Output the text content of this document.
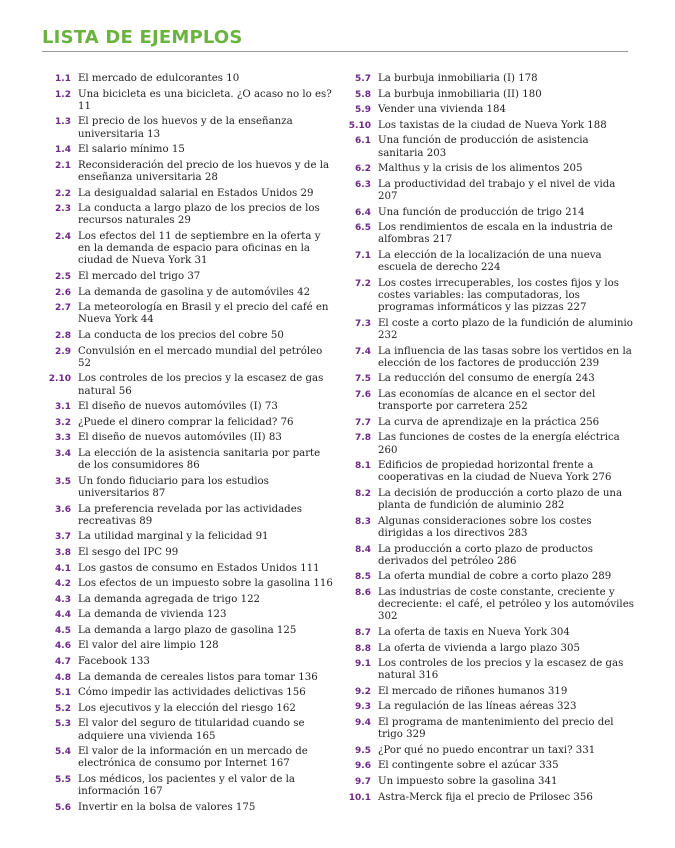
LISTA DE EJEMPLOS
1.1 El mercado de edulcorantes 10
1.2 Una bicicleta es una bicicleta. ¿O acaso no lo es? 11
1.3 El precio de los huevos y de la enseñanza universitaria 13
1.4 El salario mínimo 15
2.1 Reconsideración del precio de los huevos y de la enseñanza universitaria 28
2.2 La desigualdad salarial en Estados Unidos 29
2.3 La conducta a largo plazo de los precios de los recursos naturales 29
2.4 Los efectos del 11 de septiembre en la oferta y en la demanda de espacio para oficinas en la ciudad de Nueva York 31
2.5 El mercado del trigo 37
2.6 La demanda de gasolina y de automóviles 42
2.7 La meteorología en Brasil y el precio del café en Nueva York 44
2.8 La conducta de los precios del cobre 50
2.9 Convulsión en el mercado mundial del petróleo 52
2.10 Los controles de los precios y la escasez de gas natural 56
3.1 El diseño de nuevos automóviles (I) 73
3.2 ¿Puede el dinero comprar la felicidad? 76
3.3 El diseño de nuevos automóviles (II) 83
3.4 La elección de la asistencia sanitaria por parte de los consumidores 86
3.5 Un fondo fiduciario para los estudios universitarios 87
3.6 La preferencia revelada por las actividades recreativas 89
3.7 La utilidad marginal y la felicidad 91
3.8 El sesgo del IPC 99
4.1 Los gastos de consumo en Estados Unidos 111
4.2 Los efectos de un impuesto sobre la gasolina 116
4.3 La demanda agregada de trigo 122
4.4 La demanda de vivienda 123
4.5 La demanda a largo plazo de gasolina 125
4.6 El valor del aire limpio 128
4.7 Facebook 133
4.8 La demanda de cereales listos para tomar 136
5.1 Cómo impedir las actividades delictivas 156
5.2 Los ejecutivos y la elección del riesgo 162
5.3 El valor del seguro de titularidad cuando se adquiere una vivienda 165
5.4 El valor de la información en un mercado de electrónica de consumo por Internet 167
5.5 Los médicos, los pacientes y el valor de la información 167
5.6 Invertir en la bolsa de valores 175
5.7 La burbuja inmobiliaria (I) 178
5.8 La burbuja inmobiliaria (II) 180
5.9 Vender una vivienda 184
5.10 Los taxistas de la ciudad de Nueva York 188
6.1 Una función de producción de asistencia sanitaria 203
6.2 Malthus y la crisis de los alimentos 205
6.3 La productividad del trabajo y el nivel de vida 207
6.4 Una función de producción de trigo 214
6.5 Los rendimientos de escala en la industria de alfombras 217
7.1 La elección de la localización de una nueva escuela de derecho 224
7.2 Los costes irrecuperables, los costes fijos y los costes variables: las computadoras, los programas informáticos y las pizzas 227
7.3 El coste a corto plazo de la fundición de aluminio 232
7.4 La influencia de las tasas sobre los vertidos en la elección de los factores de producción 239
7.5 La reducción del consumo de energía 243
7.6 Las economías de alcance en el sector del transporte por carretera 252
7.7 La curva de aprendizaje en la práctica 256
7.8 Las funciones de costes de la energía eléctrica 260
8.1 Edificios de propiedad horizontal frente a cooperativas en la ciudad de Nueva York 276
8.2 La decisión de producción a corto plazo de una planta de fundición de aluminio 282
8.3 Algunas consideraciones sobre los costes dirigidas a los directivos 283
8.4 La producción a corto plazo de productos derivados del petróleo 286
8.5 La oferta mundial de cobre a corto plazo 289
8.6 Las industrias de coste constante, creciente y decreciente: el café, el petróleo y los automóviles 302
8.7 La oferta de taxis en Nueva York 304
8.8 La oferta de vivienda a largo plazo 305
9.1 Los controles de los precios y la escasez de gas natural 316
9.2 El mercado de riñones humanos 319
9.3 La regulación de las líneas aéreas 323
9.4 El programa de mantenimiento del precio del trigo 329
9.5 ¿Por qué no puedo encontrar un taxi? 331
9.6 El contingente sobre el azúcar 335
9.7 Un impuesto sobre la gasolina 341
10.1 Astra-Merck fija el precio de Prilosec 356
